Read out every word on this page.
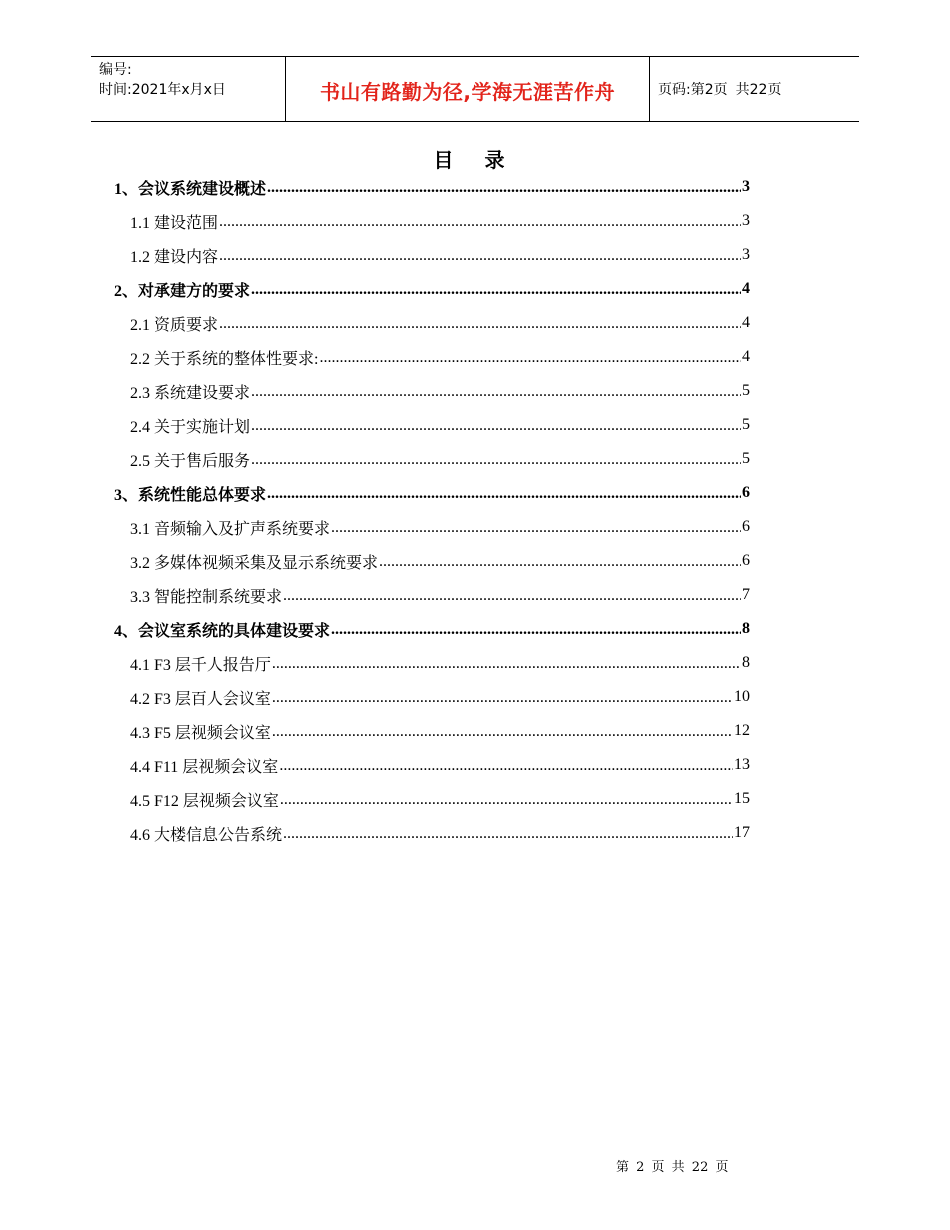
编号:
时间:2021年x月x日	书山有路勤为径,学海无涯苦作舟	页码:第2页 共22页
目 录
1、会议系统建设概述 .....	3
1.1 建设范围 .....	3
1.2 建设内容 .....	3
2、对承建方的要求 .....	4
2.1 资质要求 .....	4
2.2 关于系统的整体性要求: .....	4
2.3 系统建设要求 .....	5
2.4 关于实施计划 .....	5
2.5 关于售后服务 .....	5
3、系统性能总体要求 .....	6
3.1 音频输入及扩声系统要求 .....	6
3.2 多媒体视频采集及显示系统要求 .....	6
3.3 智能控制系统要求 .....	7
4、会议室系统的具体建设要求 .....	8
4.1 F3 层千人报告厅 .....	8
4.2 F3 层百人会议室 .....	10
4.3 F5 层视频会议室 .....	12
4.4 F11 层视频会议室 .....	13
4.5 F12 层视频会议室 .....	15
4.6 大楼信息公告系统 .....	17
第 2 页 共 22 页
